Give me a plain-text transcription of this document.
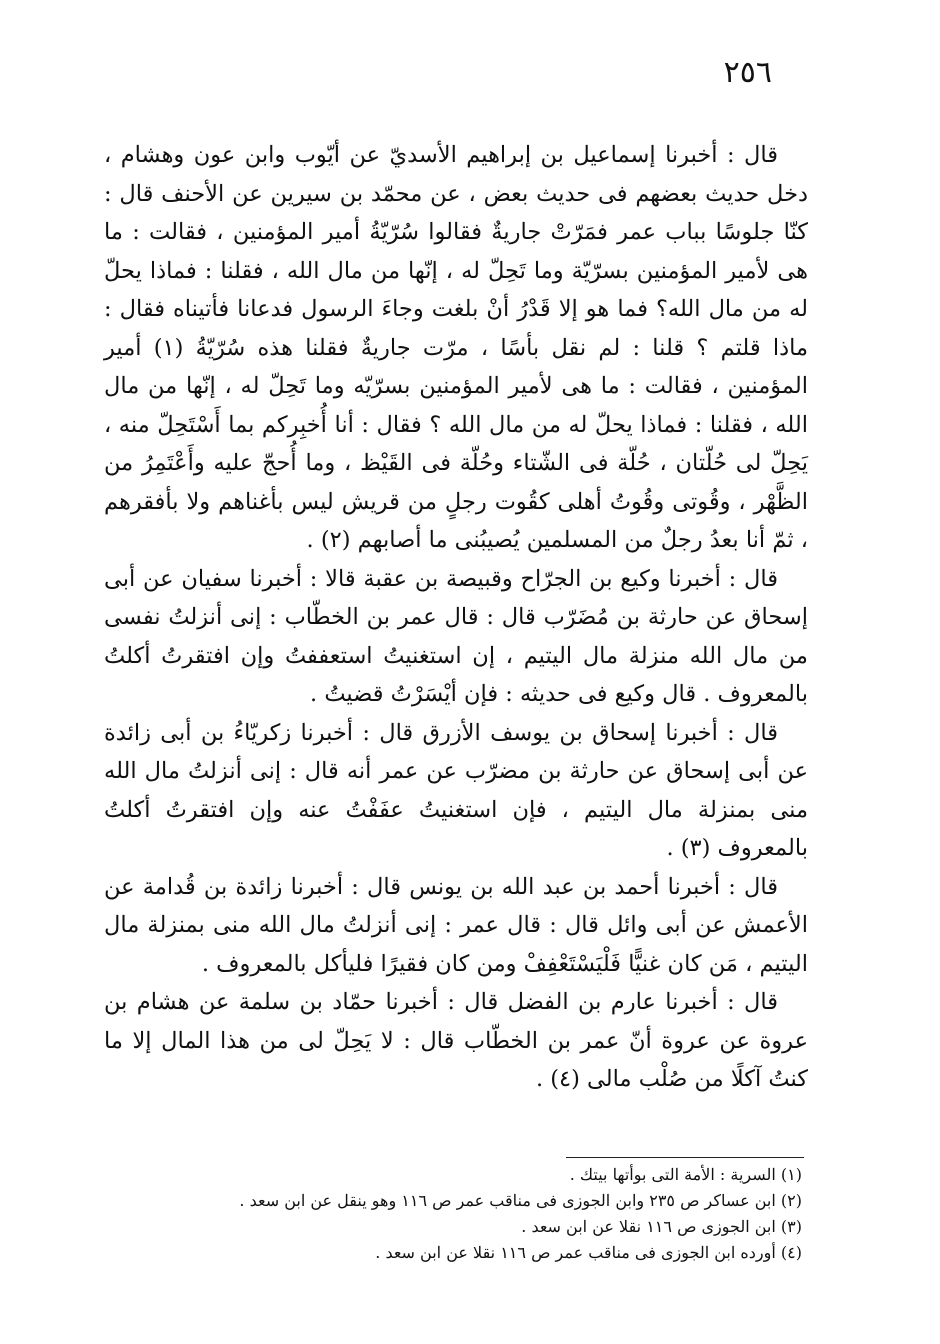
٢٥٦

قال : أخبرنا إسماعيل بن إبراهيم الأسديّ عن أيّوب وابن عون وهشام ، دخل حديث بعضهم فى حديث بعض ، عن محمّد بن سيرين عن الأحنف قال : كنّا جلوسًا بباب عمر فمَرّتْ جاريةٌ فقالوا سُرّيّةُ أمير المؤمنين ، فقالت : ما هى لأمير المؤمنين بسرّيّة وما تَحِلّ له ، إنّها من مال الله ، فقلنا : فماذا يحلّ له من مال الله؟ فما هو إلا قَدْرُ أنْ بلغت وجاءَ الرسول فدعانا فأتيناه فقال : ماذا قلتم ؟ قلنا : لم نقل بأسًا ، مرّت جاريةٌ فقلنا هذه سُرّيّةُ (١) أمير المؤمنين ، فقالت : ما هى لأمير المؤمنين بسرّيّه وما تَحِلّ له ، إنّها من مال الله ، فقلنا : فماذا يحلّ له من مال الله ؟ فقال : أنا أُخبِركم بما أَسْتَحِلّ منه ، يَحِلّ لى حُلّتان ، حُلّة فى الشّتاء وحُلّة فى القَيْظ ، وما أُحجّ عليه وأَعْتَمِرُ من الظَّهْر ، وقُوتى وقُوتُ أهلى كقُوت رجلٍ من قريش ليس بأغناهم ولا بأفقرهم ، ثمّ أنا بعدُ رجلٌ من المسلمين يُصيبُنى ما أصابهم (٢) .

قال : أخبرنا وكيع بن الجرّاح وقبيصة بن عقبة قالا : أخبرنا سفيان عن أبى إسحاق عن حارثة بن مُضَرّب قال : قال عمر بن الخطّاب : إنى أنزلتُ نفسى من مال الله منزلة مال اليتيم ، إن استغنيتُ استعففتُ وإن افتقرتُ أكلتُ بالمعروف . قال وكيع فى حديثه : فإن أيْسَرْتُ قضيتُ .

قال : أخبرنا إسحاق بن يوسف الأزرق قال : أخبرنا زكريّاءُ بن أبى زائدة عن أبى إسحاق عن حارثة بن مضرّب عن عمر أنه قال : إنى أنزلتُ مال الله منى بمنزلة مال اليتيم ، فإن استغنيتُ عفَفْتُ عنه وإن افتقرتُ أكلتُ بالمعروف (٣) .

قال : أخبرنا أحمد بن عبد الله بن يونس قال : أخبرنا زائدة بن قُدامة عن الأعمش عن أبى وائل قال : قال عمر : إنى أنزلتُ مال الله منى بمنزلة مال اليتيم ، مَن كان غنيًّا فَلْيَسْتَعْفِفْ ومن كان فقيرًا فليأكل بالمعروف .

قال : أخبرنا عارم بن الفضل قال : أخبرنا حمّاد بن سلمة عن هشام بن عروة عن عروة أنّ عمر بن الخطّاب قال : لا يَحِلّ لى من هذا المال إلا ما كنتُ آكلًا من صُلْب مالى (٤) .

(١) السرية : الأمة التى بوأتها بيتك .

(٢) ابن عساكر ص ٢٣٥ وابن الجوزى فى مناقب عمر ص ١١٦ وهو ينقل عن ابن سعد .

(٣) ابن الجوزى ص ١١٦ نقلا عن ابن سعد .

(٤) أورده ابن الجوزى فى مناقب عمر ص ١١٦ نقلا عن ابن سعد .
